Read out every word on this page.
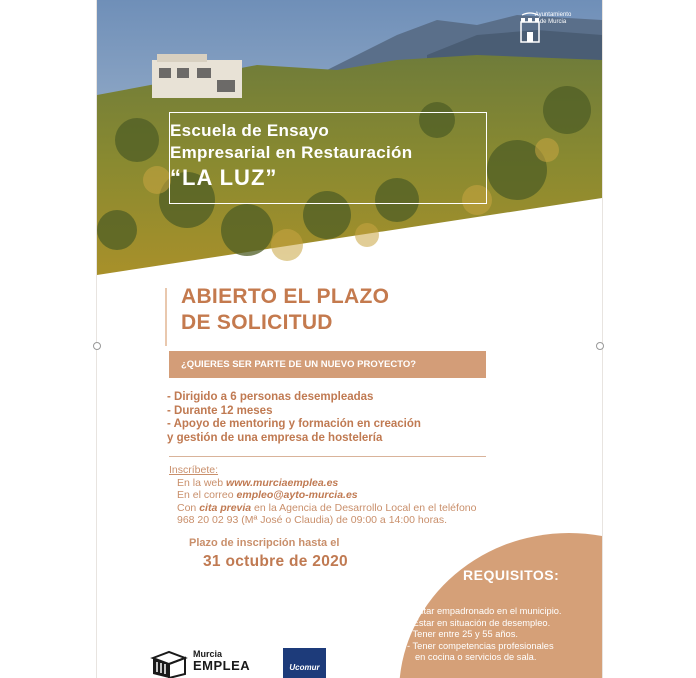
Ayuntamiento
de Murcia
Escuela de Ensayo
Empresarial en Restauración
“LA LUZ”
ABIERTO EL PLAZO
DE SOLICITUD
¿QUIERES SER PARTE DE UN NUEVO PROYECTO?
- Dirigido a 6 personas desempleadas
- Durante 12 meses
- Apoyo de mentoring y formación en creación
y gestión de una empresa de hostelería
Inscríbete:
En la web www.murciaemplea.es
En el correo empleo@ayto-murcia.es
Con cita previa en la Agencia de Desarrollo Local en el teléfono
968 20 02 93 (Mª José o Claudia) de 09:00 a 14:00 horas.
Plazo de inscripción hasta el
31 octubre de 2020
REQUISITOS:
- Estar empadronado en el municipio.
- Estar en situación de desempleo.
- Tener entre 25 y 55 años.
- Tener competencias profesionales
en cocina o servicios de sala.
Murcia
EMPLEA	Ucomur
